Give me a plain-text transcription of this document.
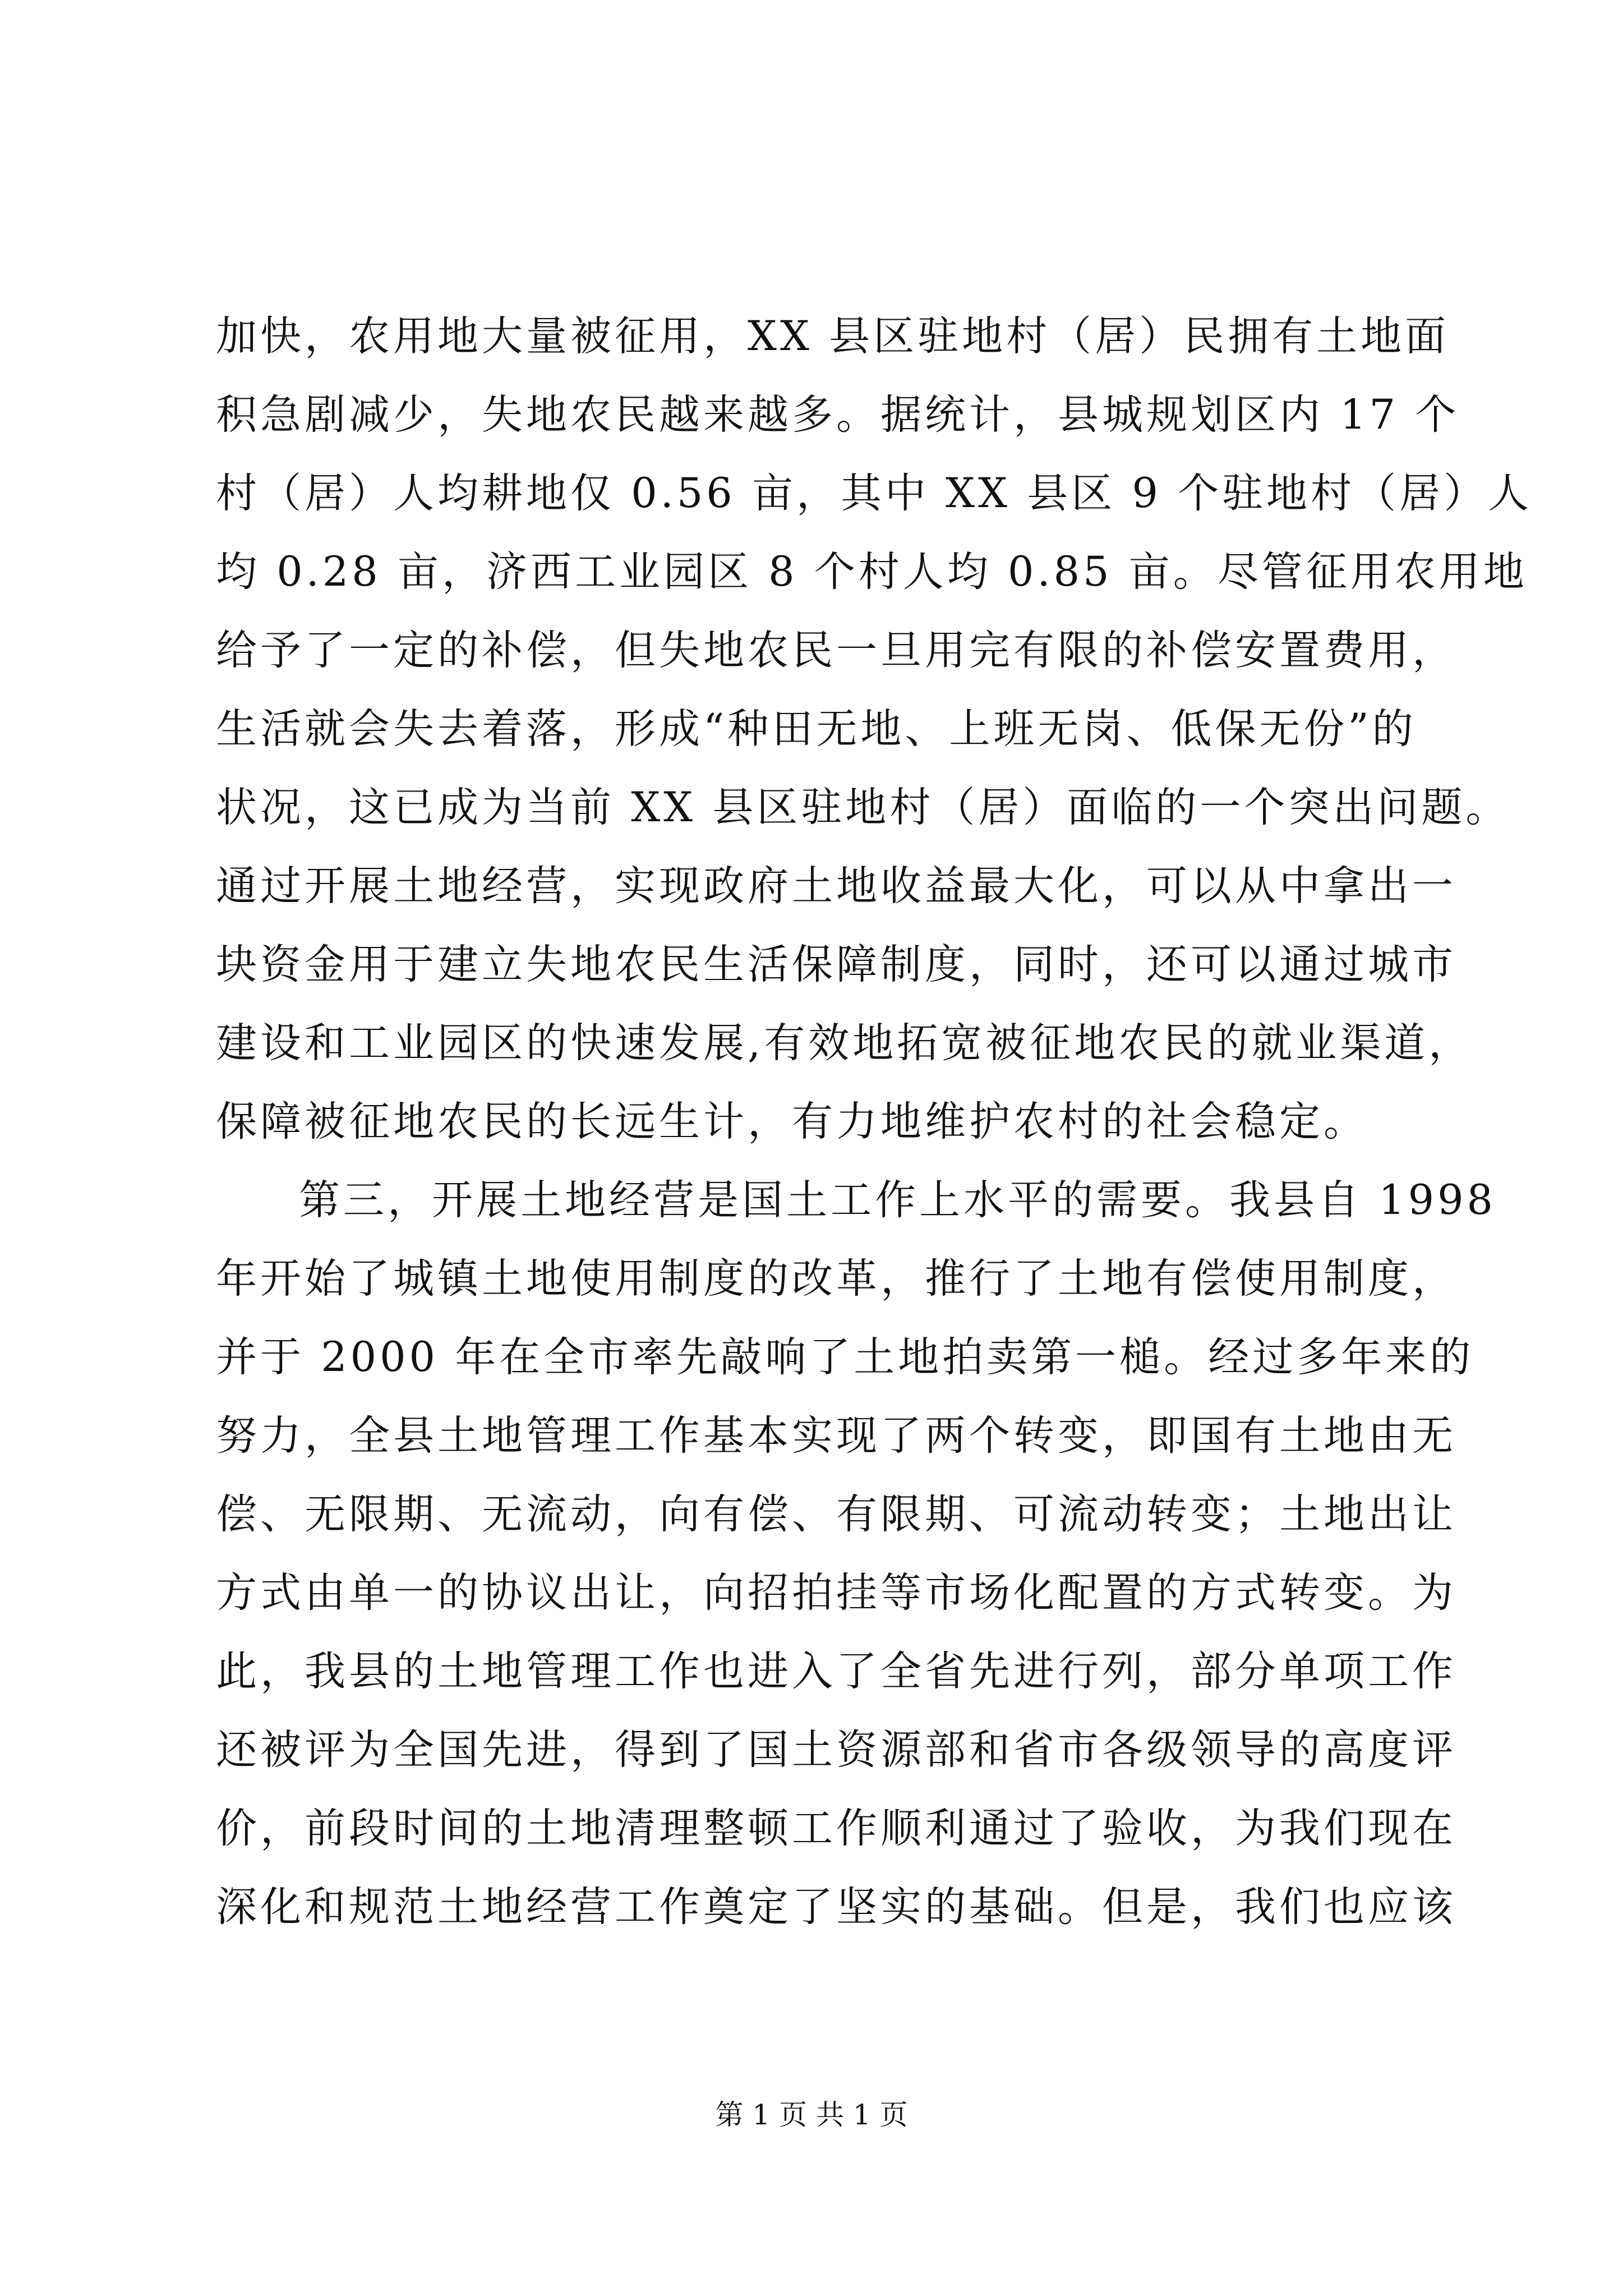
加快，农用地大量被征用，XX 县区驻地村（居）民拥有土地面

积急剧减少，失地农民越来越多。据统计，县城规划区内 17 个

村（居）人均耕地仅 0.56 亩，其中 XX 县区 9 个驻地村（居）人

均 0.28 亩，济西工业园区 8 个村人均 0.85 亩。尽管征用农用地

给予了一定的补偿，但失地农民一旦用完有限的补偿安置费用，

生活就会失去着落，形成“种田无地、上班无岗、低保无份”的

状况，这已成为当前 XX 县区驻地村（居）面临的一个突出问题。

通过开展土地经营，实现政府土地收益最大化，可以从中拿出一

块资金用于建立失地农民生活保障制度，同时，还可以通过城市

建设和工业园区的快速发展,有效地拓宽被征地农民的就业渠道，

保障被征地农民的长远生计，有力地维护农村的社会稳定。

第三，开展土地经营是国土工作上水平的需要。我县自 1998

年开始了城镇土地使用制度的改革，推行了土地有偿使用制度，

并于 2000 年在全市率先敲响了土地拍卖第一槌。经过多年来的

努力，全县土地管理工作基本实现了两个转变，即国有土地由无

偿、无限期、无流动，向有偿、有限期、可流动转变；土地出让

方式由单一的协议出让，向招拍挂等市场化配置的方式转变。为

此，我县的土地管理工作也进入了全省先进行列，部分单项工作

还被评为全国先进，得到了国土资源部和省市各级领导的高度评

价，前段时间的土地清理整顿工作顺利通过了验收，为我们现在

深化和规范土地经营工作奠定了坚实的基础。但是，我们也应该

第 1 页 共 1 页
